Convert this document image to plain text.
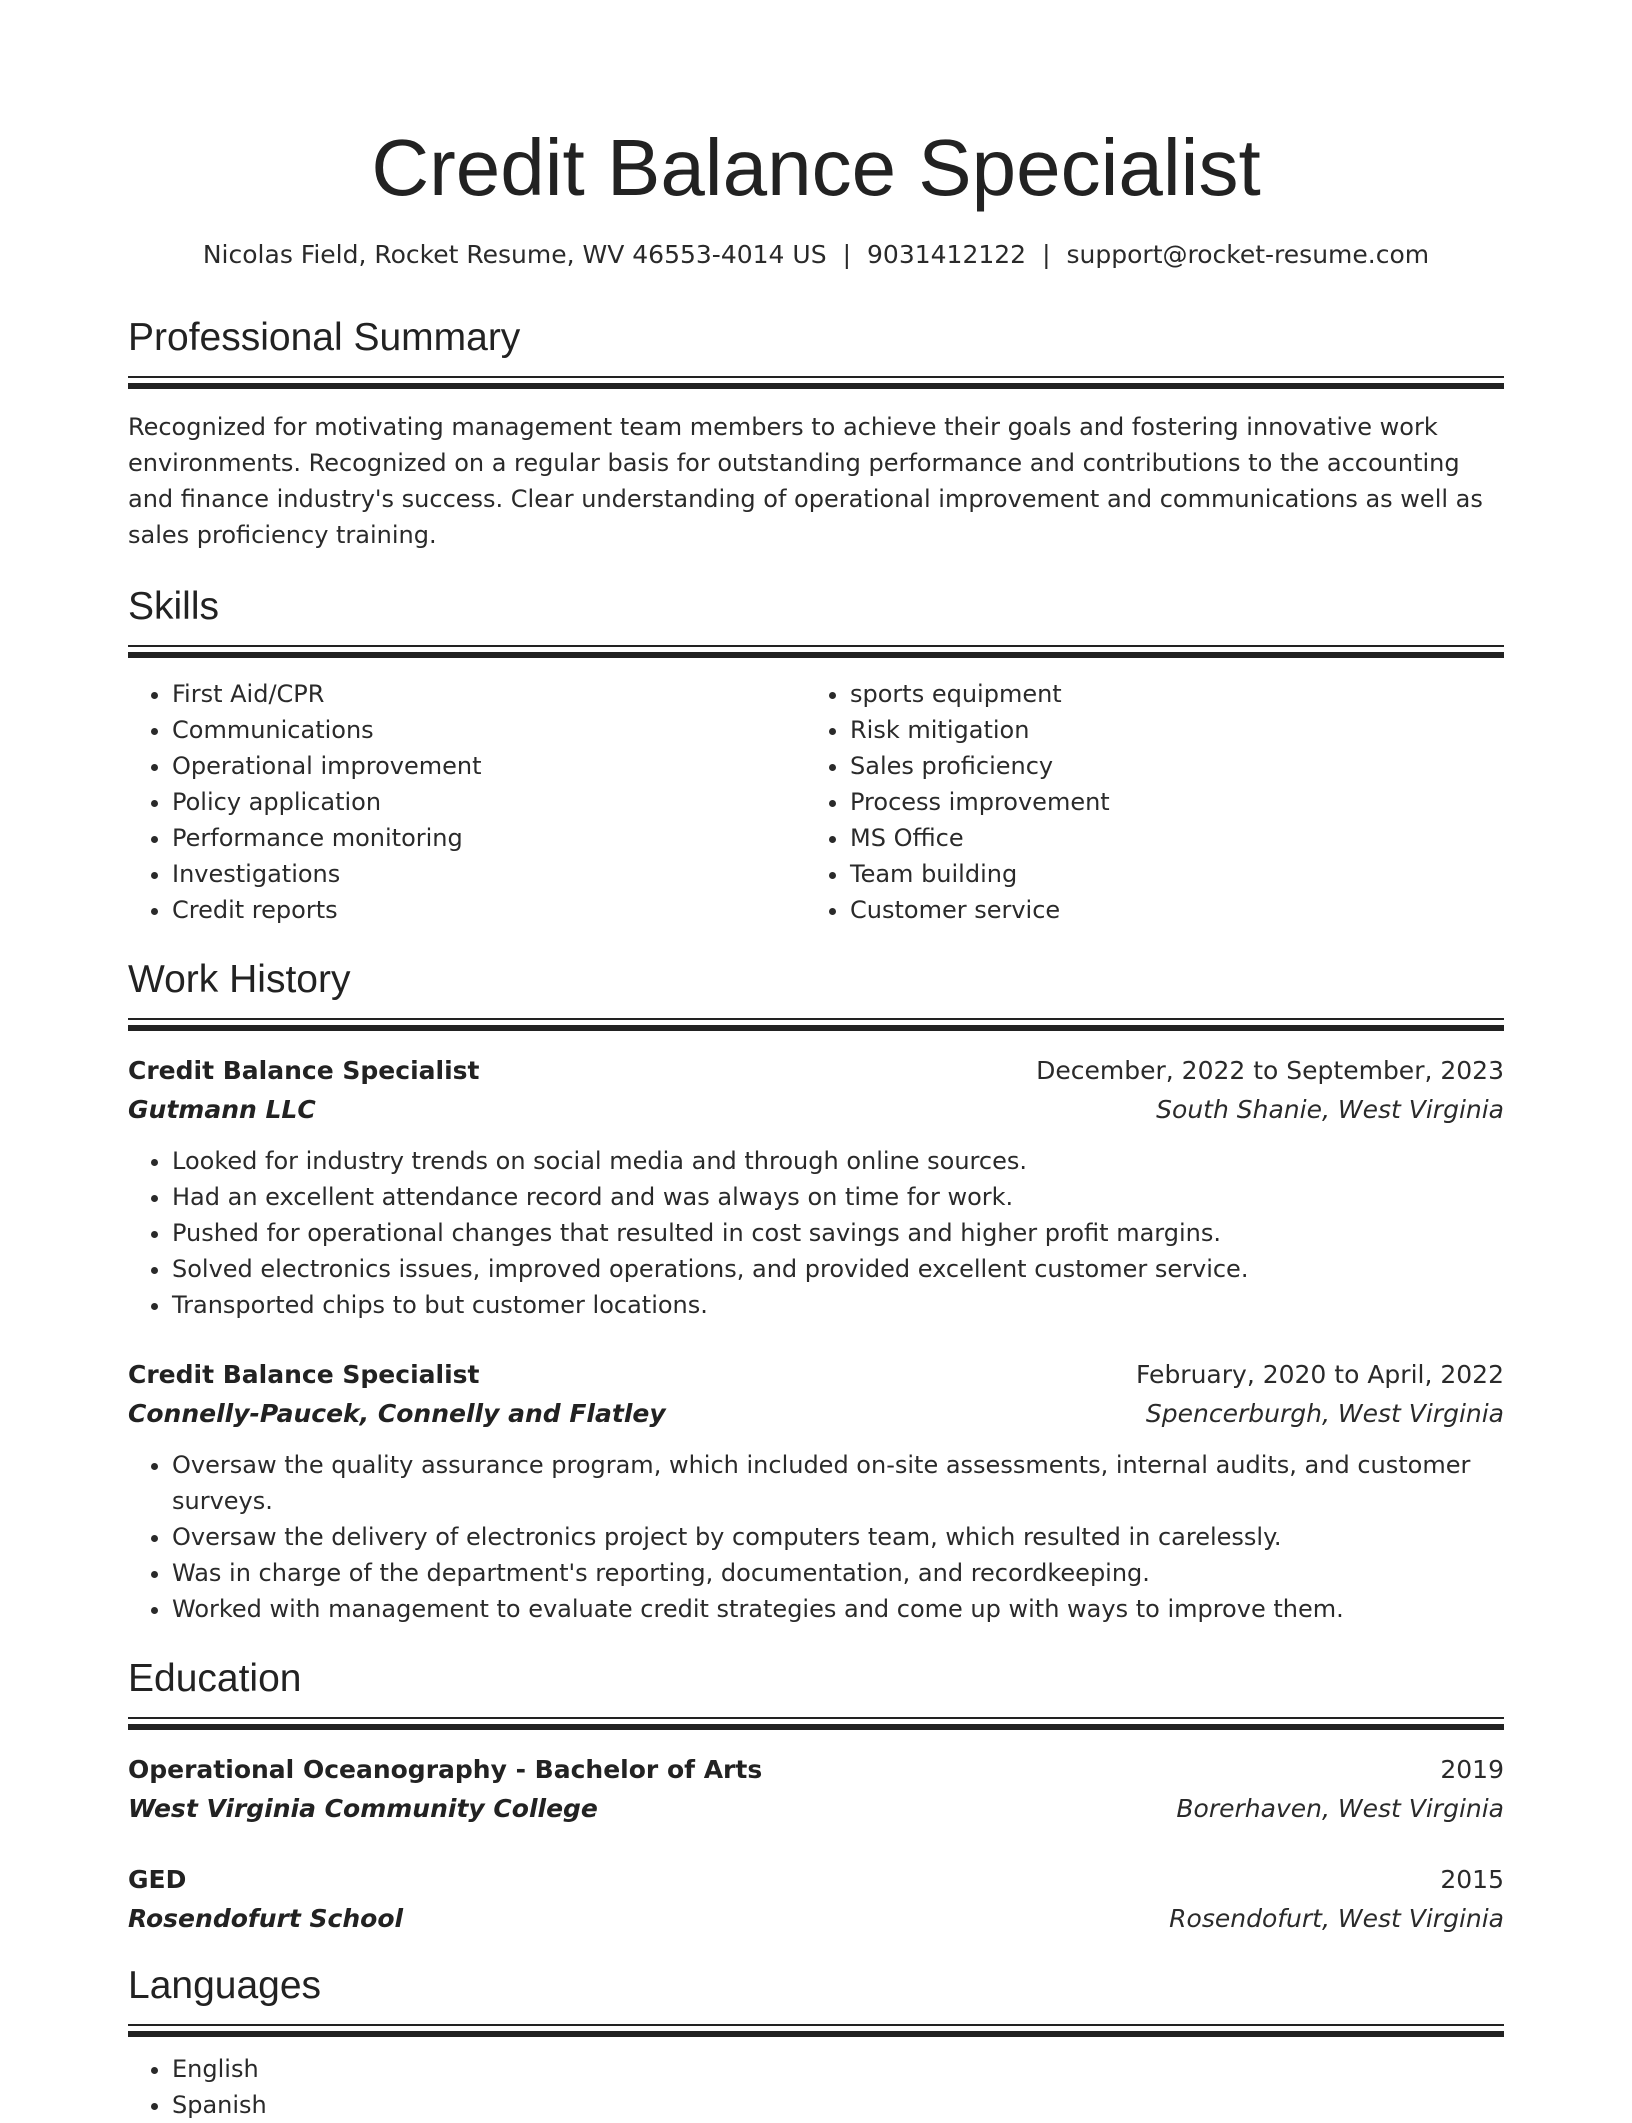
Credit Balance Specialist
Nicolas Field, Rocket Resume, WV 46553-4014 US | 9031412122 | support@rocket-resume.com
Professional Summary

Recognized for motivating management team members to achieve their goals and fostering innovative work environments. Recognized on a regular basis for outstanding performance and contributions to the accounting and finance industry's success. Clear understanding of operational improvement and communications as well as sales proficiency training.

Skills
• First Aid/CPR
• Communications
• Operational improvement
• Policy application
• Performance monitoring
• Investigations
• Credit reports
• sports equipment
• Risk mitigation
• Sales proficiency
• Process improvement
• MS Office
• Team building
• Customer service
Work History
Credit Balance Specialist	December, 2022 to September, 2023
Gutmann LLC	South Shanie, West Virginia
• Looked for industry trends on social media and through online sources.
• Had an excellent attendance record and was always on time for work.
• Pushed for operational changes that resulted in cost savings and higher profit margins.
• Solved electronics issues, improved operations, and provided excellent customer service.
• Transported chips to but customer locations.
Credit Balance Specialist	February, 2020 to April, 2022
Connelly-Paucek, Connelly and Flatley	Spencerburgh, West Virginia
• Oversaw the quality assurance program, which included on-site assessments, internal audits, and customer surveys.
• Oversaw the delivery of electronics project by computers team, which resulted in carelessly.
• Was in charge of the department's reporting, documentation, and recordkeeping.
• Worked with management to evaluate credit strategies and come up with ways to improve them.
Education
Operational Oceanography - Bachelor of Arts	2019
West Virginia Community College	Borerhaven, West Virginia
GED	2015
Rosendofurt School	Rosendofurt, West Virginia
Languages
• English
• Spanish
